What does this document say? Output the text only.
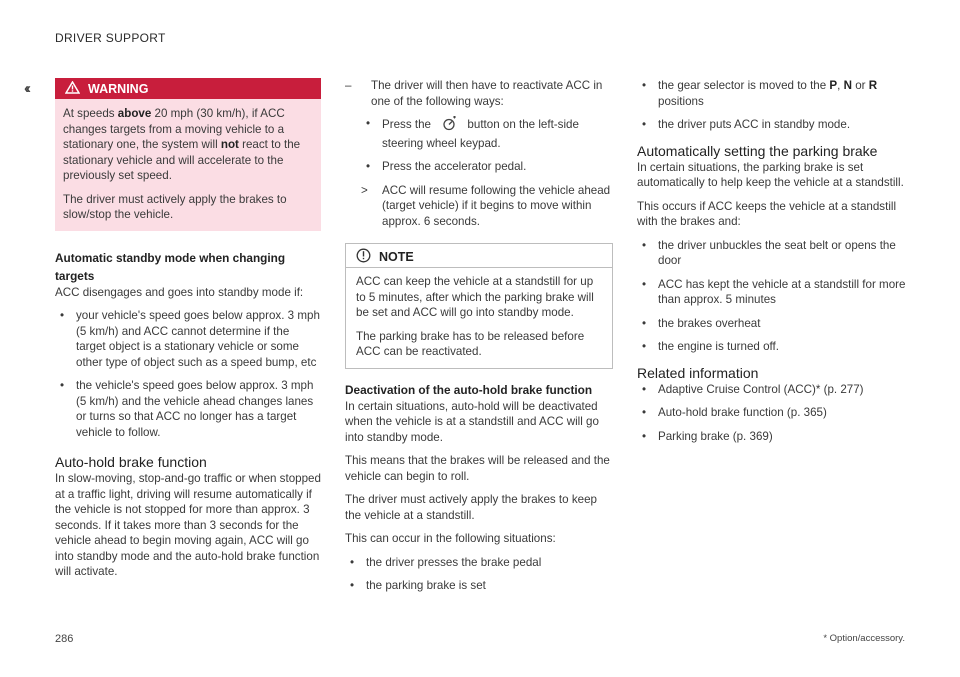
DRIVER SUPPORT
‹‹	WARNING

At speeds above 20 mph (30 km/h), if ACC changes targets from a moving vehicle to a stationary one, the system will not react to the stationary vehicle and will accelerate to the previously set speed.

The driver must actively apply the brakes to slow/stop the vehicle.

Automatic standby mode when changing targets

ACC disengages and goes into standby mode if:

• your vehicle's speed goes below approx. 3 mph (5 km/h) and ACC cannot determine if the target object is a stationary vehicle or some other type of object such as a speed bump, etc
• the vehicle's speed goes below approx. 3 mph (5 km/h) and the vehicle ahead changes lanes or turns so that ACC no longer has a target vehicle to follow.
Auto-hold brake function

In slow-moving, stop-and-go traffic or when stopped at a traffic light, driving will resume automatically if the vehicle is not stopped for more than approx. 3 seconds. If it takes more than 3 seconds for the vehicle ahead to begin moving again, ACC will go into standby mode and the auto-hold brake function will activate.

– The driver will then have to reactivate ACC in one of the following ways:
• Press the	button on the left-side steering wheel keypad.
• Press the accelerator pedal.
> ACC will resume following the vehicle ahead (target vehicle) if it begins to move within approx. 6 seconds.
NOTE

ACC can keep the vehicle at a standstill for up to 5 minutes, after which the parking brake will be set and ACC will go into standby mode.

The parking brake has to be released before ACC can be reactivated.

Deactivation of the auto-hold brake function

In certain situations, auto-hold will be deactivated when the vehicle is at a standstill and ACC will go into standby mode.

This means that the brakes will be released and the vehicle can begin to roll.

The driver must actively apply the brakes to keep the vehicle at a standstill.

This can occur in the following situations:

• the driver presses the brake pedal
• the parking brake is set
• the gear selector is moved to the P, N or R positions
• the driver puts ACC in standby mode.
Automatically setting the parking brake

In certain situations, the parking brake is set automatically to help keep the vehicle at a standstill.

This occurs if ACC keeps the vehicle at a standstill with the brakes and:

• the driver unbuckles the seat belt or opens the door
• ACC has kept the vehicle at a standstill for more than approx. 5 minutes
• the brakes overheat
• the engine is turned off.
Related information
• Adaptive Cruise Control (ACC)* (p. 277)
• Auto-hold brake function (p. 365)
• Parking brake (p. 369)
286	* Option/accessory.
